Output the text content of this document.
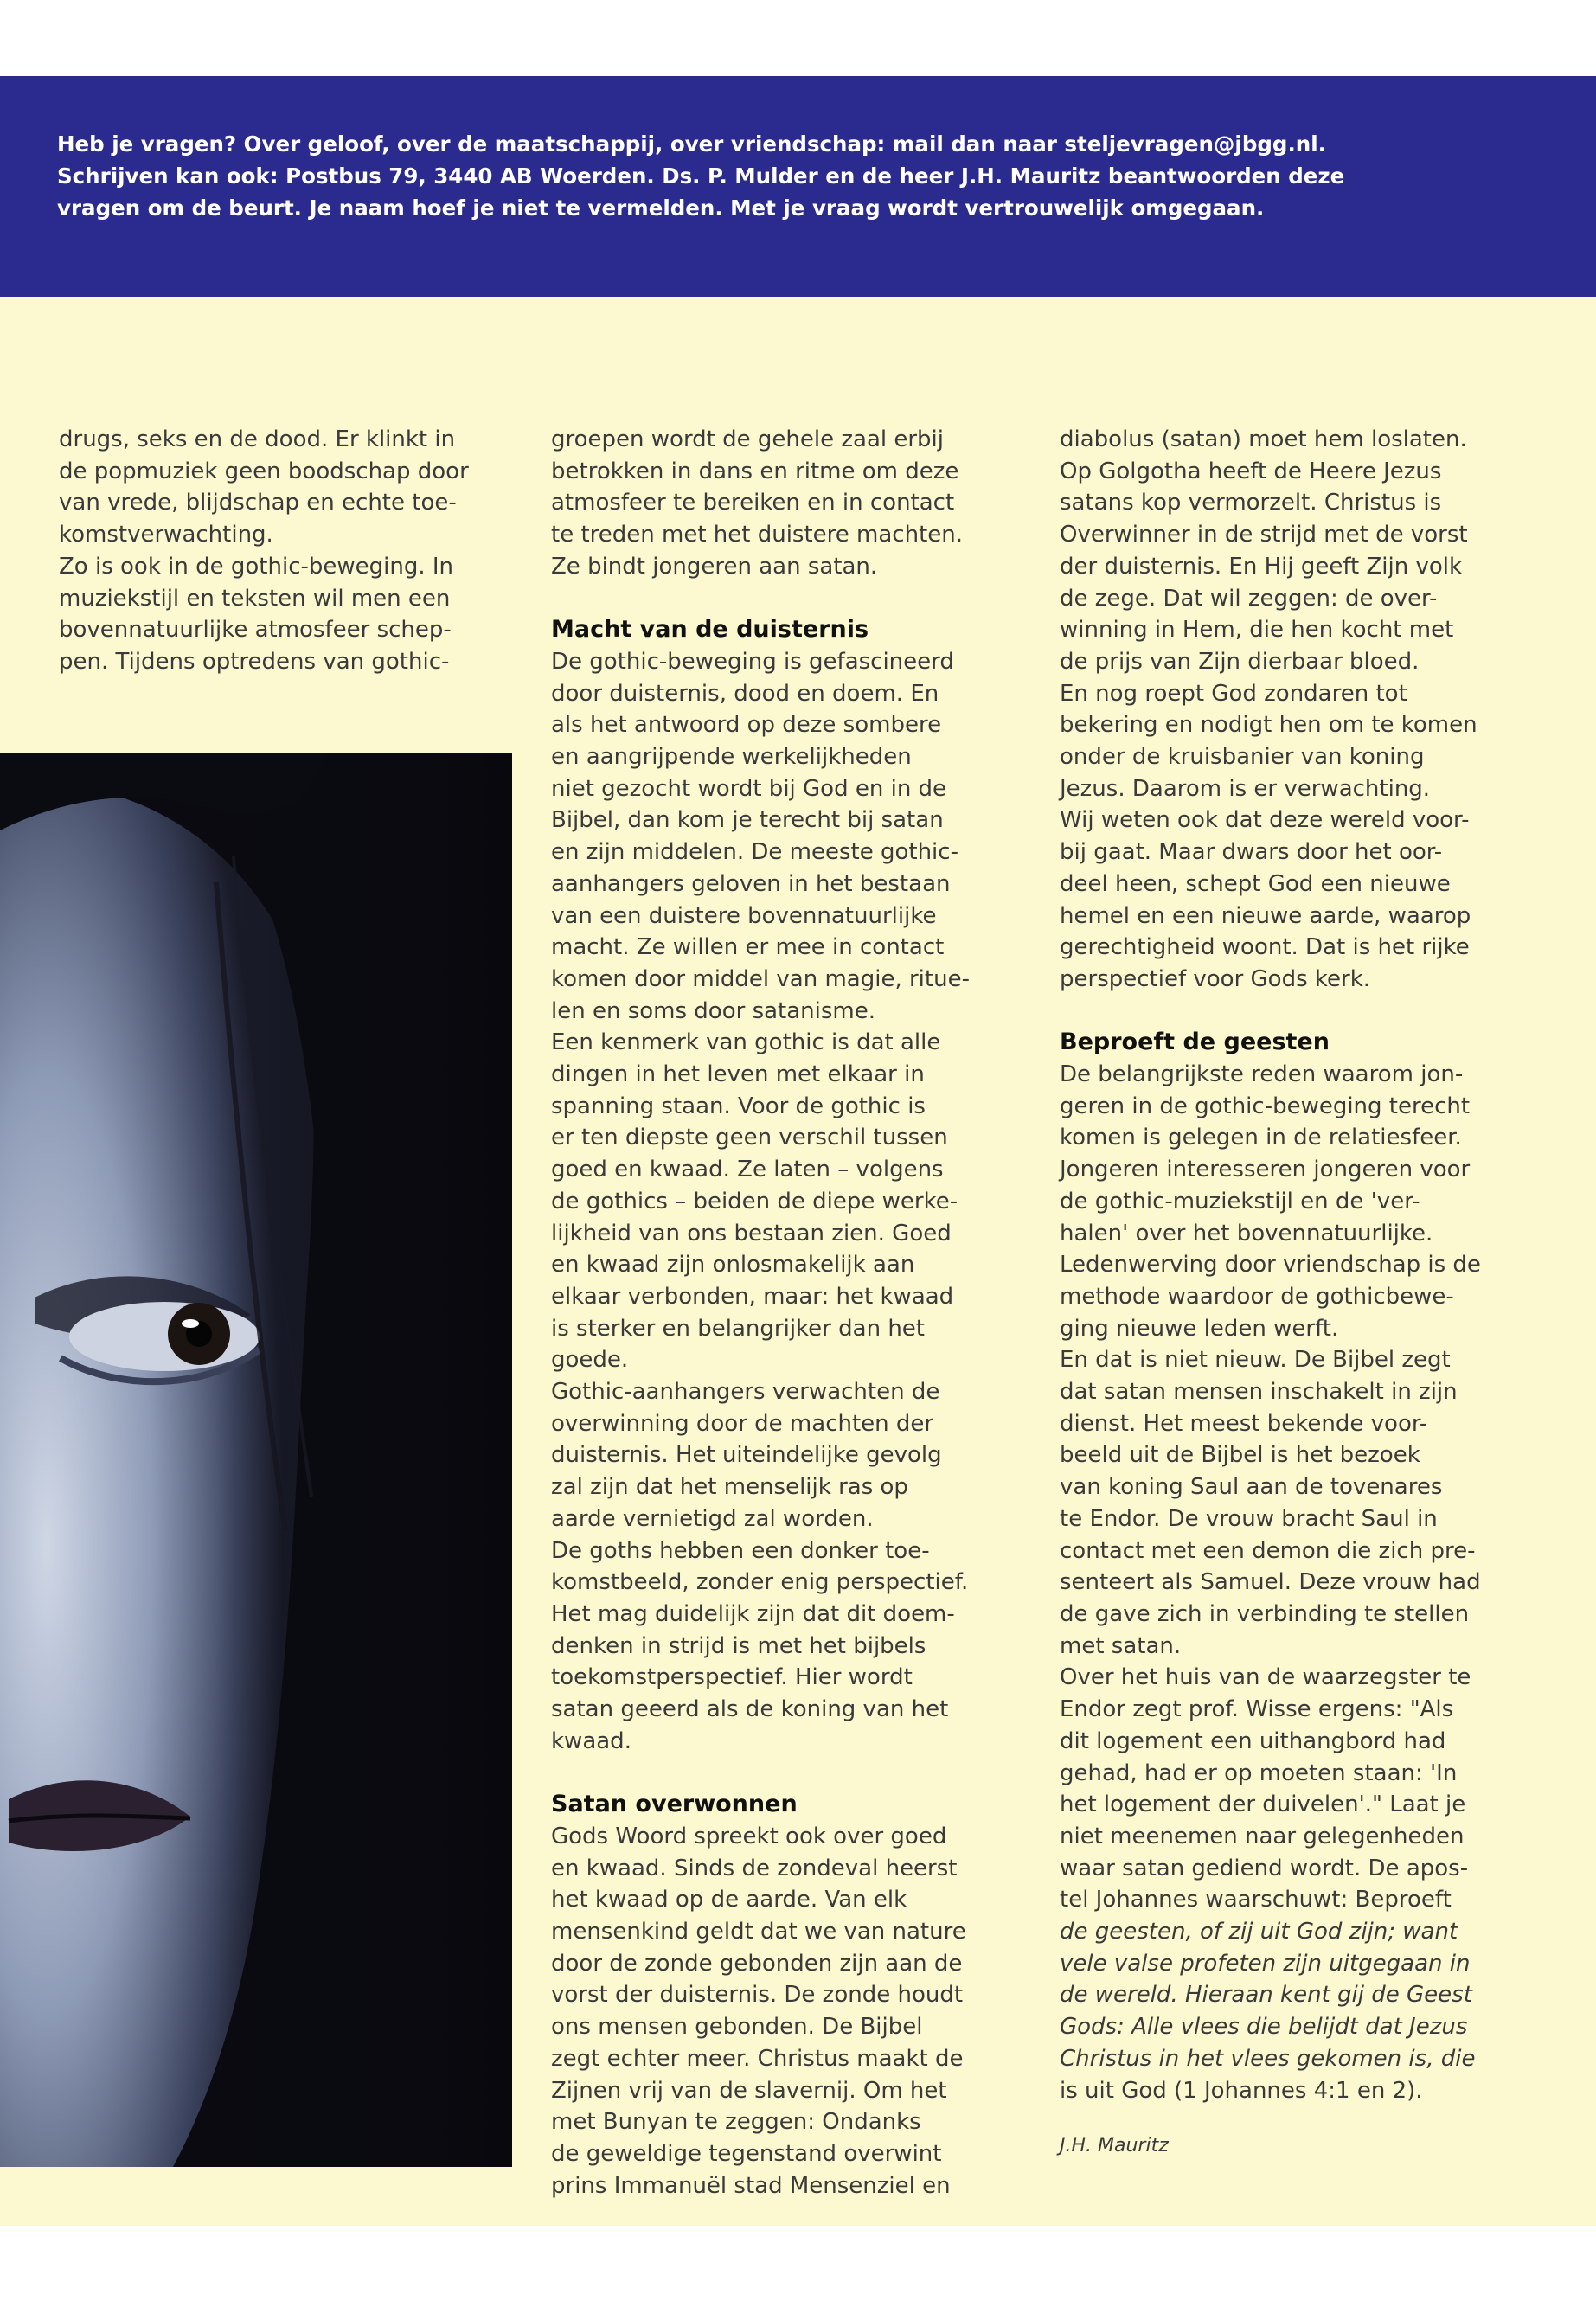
Heb je vragen? Over geloof, over de maatschappij, over vriendschap: mail dan naar steljevragen@jbgg.nl.

Schrijven kan ook: Postbus 79, 3440 AB Woerden. Ds. P. Mulder en de heer J.H. Mauritz beantwoorden deze

vragen om de beurt. Je naam hoef je niet te vermelden. Met je vraag wordt vertrouwelijk omgegaan.

drugs, seks en de dood. Er klinkt in

de popmuziek geen boodschap door

van vrede, blijdschap en echte toe-

komstverwachting.

Zo is ook in de gothic-beweging. In

muziekstijl en teksten wil men een

bovennatuurlijke atmosfeer schep-

pen. Tijdens optredens van gothic-

groepen wordt de gehele zaal erbij

betrokken in dans en ritme om deze

atmosfeer te bereiken en in contact

te treden met het duistere machten.

Ze bindt jongeren aan satan.

Macht van de duisternis

De gothic-beweging is gefascineerd

door duisternis, dood en doem. En

als het antwoord op deze sombere

en aangrijpende werkelijkheden

niet gezocht wordt bij God en in de

Bijbel, dan kom je terecht bij satan

en zijn middelen. De meeste gothic-

aanhangers geloven in het bestaan

van een duistere bovennatuurlijke

macht. Ze willen er mee in contact

komen door middel van magie, ritue-

len en soms door satanisme.

Een kenmerk van gothic is dat alle

dingen in het leven met elkaar in

spanning staan. Voor de gothic is

er ten diepste geen verschil tussen

goed en kwaad. Ze laten – volgens

de gothics – beiden de diepe werke-

lijkheid van ons bestaan zien. Goed

en kwaad zijn onlosmakelijk aan

elkaar verbonden, maar: het kwaad

is sterker en belangrijker dan het

goede.

Gothic-aanhangers verwachten de

overwinning door de machten der

duisternis. Het uiteindelijke gevolg

zal zijn dat het menselijk ras op

aarde vernietigd zal worden.

De goths hebben een donker toe-

komstbeeld, zonder enig perspectief.

Het mag duidelijk zijn dat dit doem-

denken in strijd is met het bijbels

toekomstperspectief. Hier wordt

satan geeerd als de koning van het

kwaad.

Satan overwonnen

Gods Woord spreekt ook over goed

en kwaad. Sinds de zondeval heerst

het kwaad op de aarde. Van elk

mensenkind geldt dat we van nature

door de zonde gebonden zijn aan de

vorst der duisternis. De zonde houdt

ons mensen gebonden. De Bijbel

zegt echter meer. Christus maakt de

Zijnen vrij van de slavernij. Om het

met Bunyan te zeggen: Ondanks

de geweldige tegenstand overwint

prins Immanuël stad Mensenziel en

diabolus (satan) moet hem loslaten.

Op Golgotha heeft de Heere Jezus

satans kop vermorzelt. Christus is

Overwinner in de strijd met de vorst

der duisternis. En Hij geeft Zijn volk

de zege. Dat wil zeggen: de over-

winning in Hem, die hen kocht met

de prijs van Zijn dierbaar bloed.

En nog roept God zondaren tot

bekering en nodigt hen om te komen

onder de kruisbanier van koning

Jezus. Daarom is er verwachting.

Wij weten ook dat deze wereld voor-

bij gaat. Maar dwars door het oor-

deel heen, schept God een nieuwe

hemel en een nieuwe aarde, waarop

gerechtigheid woont. Dat is het rijke

perspectief voor Gods kerk.

Beproeft de geesten

De belangrijkste reden waarom jon-

geren in de gothic-beweging terecht

komen is gelegen in de relatiesfeer.

Jongeren interesseren jongeren voor

de gothic-muziekstijl en de 'ver-

halen' over het bovennatuurlijke.

Ledenwerving door vriendschap is de

methode waardoor de gothicbewe-

ging nieuwe leden werft.

En dat is niet nieuw. De Bijbel zegt

dat satan mensen inschakelt in zijn

dienst. Het meest bekende voor-

beeld uit de Bijbel is het bezoek

van koning Saul aan de tovenares

te Endor. De vrouw bracht Saul in

contact met een demon die zich pre-

senteert als Samuel. Deze vrouw had

de gave zich in verbinding te stellen

met satan.

Over het huis van de waarzegster te

Endor zegt prof. Wisse ergens: "Als

dit logement een uithangbord had

gehad, had er op moeten staan: 'In

het logement der duivelen'." Laat je

niet meenemen naar gelegenheden

waar satan gediend wordt. De apos-

tel Johannes waarschuwt: Beproeft

de geesten, of zij uit God zijn; want

vele valse profeten zijn uitgegaan in

de wereld. Hieraan kent gij de Geest

Gods: Alle vlees die belijdt dat Jezus

Christus in het vlees gekomen is, die

is uit God (1 Johannes 4:1 en 2).

J.H. Mauritz
